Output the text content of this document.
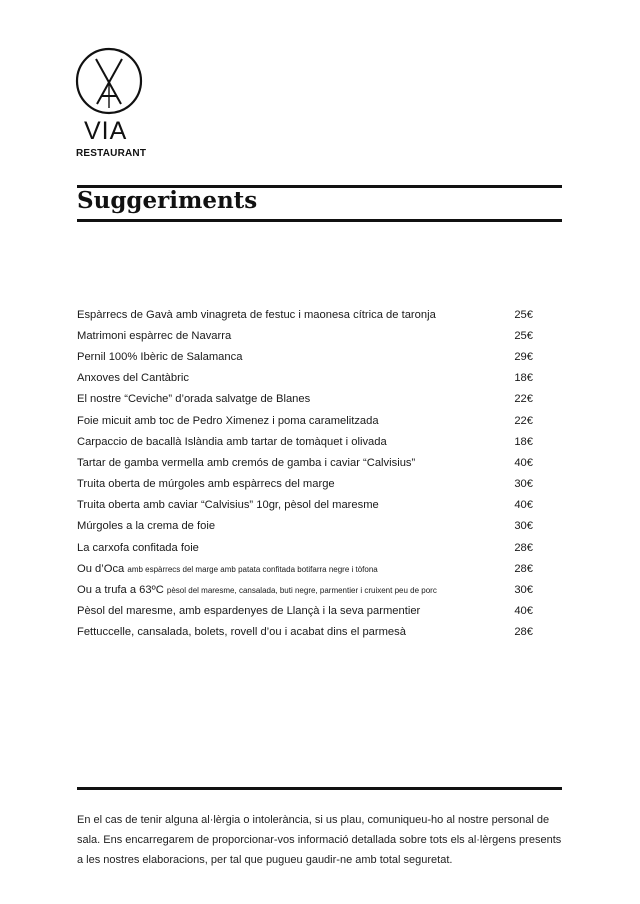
VIA
RESTAURANT
Suggeriments
Espàrrecs de Gavà amb vinagreta de festuc i maonesa cítrica de taronja	25€
Matrimoni espàrrec de Navarra	25€
Pernil 100% Ibèric de Salamanca	29€
Anxoves del Cantàbric	18€
El nostre “Ceviche” d’orada salvatge de Blanes	22€
Foie micuit amb toc de Pedro Ximenez i poma caramelitzada	22€
Carpaccio de bacallà Islàndia amb tartar de tomàquet i olivada	18€
Tartar de gamba vermella amb cremós de gamba i caviar “Calvisius”	40€
Truita oberta de múrgoles amb espàrrecs del marge	30€
Truita oberta amb caviar “Calvisius” 10gr, pèsol del maresme	40€
Múrgoles a la crema de foie	30€
La carxofa confitada foie	28€
Ou d’Oca amb espàrrecs del marge amb patata confitada botifarra negre i tòfona	28€
Ou a trufa a 63ºC pèsol del maresme, cansalada, buti negre, parmentier i cruixent peu de porc	30€
Pèsol del maresme, amb espardenyes de Llançà i la seva parmentier	40€
Fettuccelle, cansalada, bolets, rovell d’ou i acabat dins el parmesà	28€
En el cas de tenir alguna al·lèrgia o intolerància, si us plau, comuniqueu-ho al nostre personal de sala. Ens encarregarem de proporcionar-vos informació detallada sobre tots els al·lèrgens presents a les nostres elaboracions, per tal que pugueu gaudir-ne amb total seguretat.
